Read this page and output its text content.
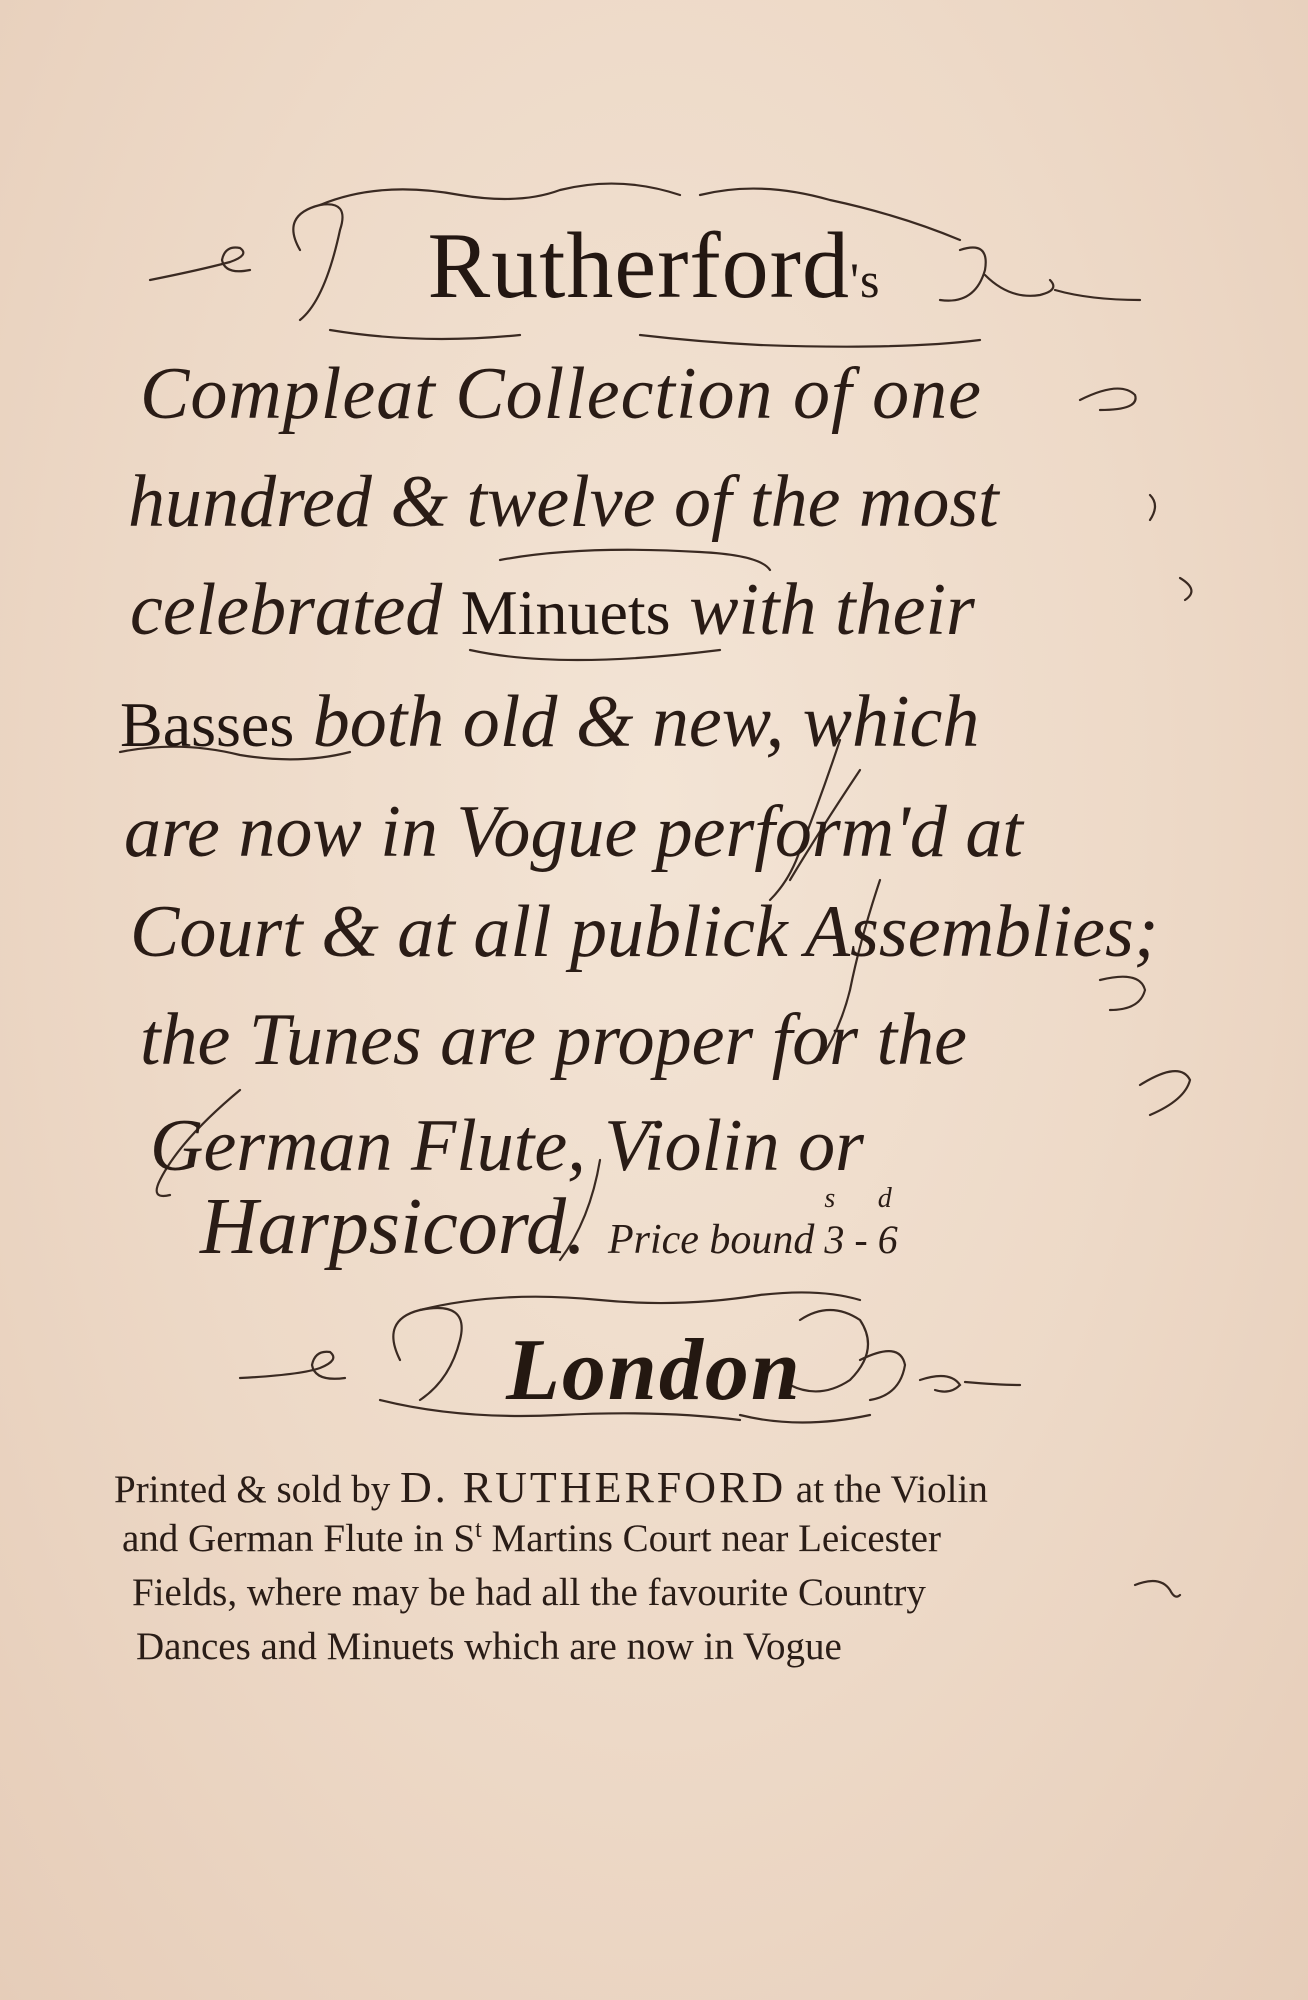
Rutherford's
Compleat Collection of one
hundred & twelve of the most
celebrated Minuets with their
Basses both old & new, which
are now in Vogue perform'd at
Court & at all publick Assemblies;
the Tunes are proper for the
German Flute, Violin or
Harpsicord. Price bound
s
3 -
d
6
London
Printed & sold by D. RUTHERFORD at the Violin
and German Flute in $S^t$ Martins Court near Leicester
Fields, where may be had all the favourite Country
Dances and Minuets which are now in Vogue
